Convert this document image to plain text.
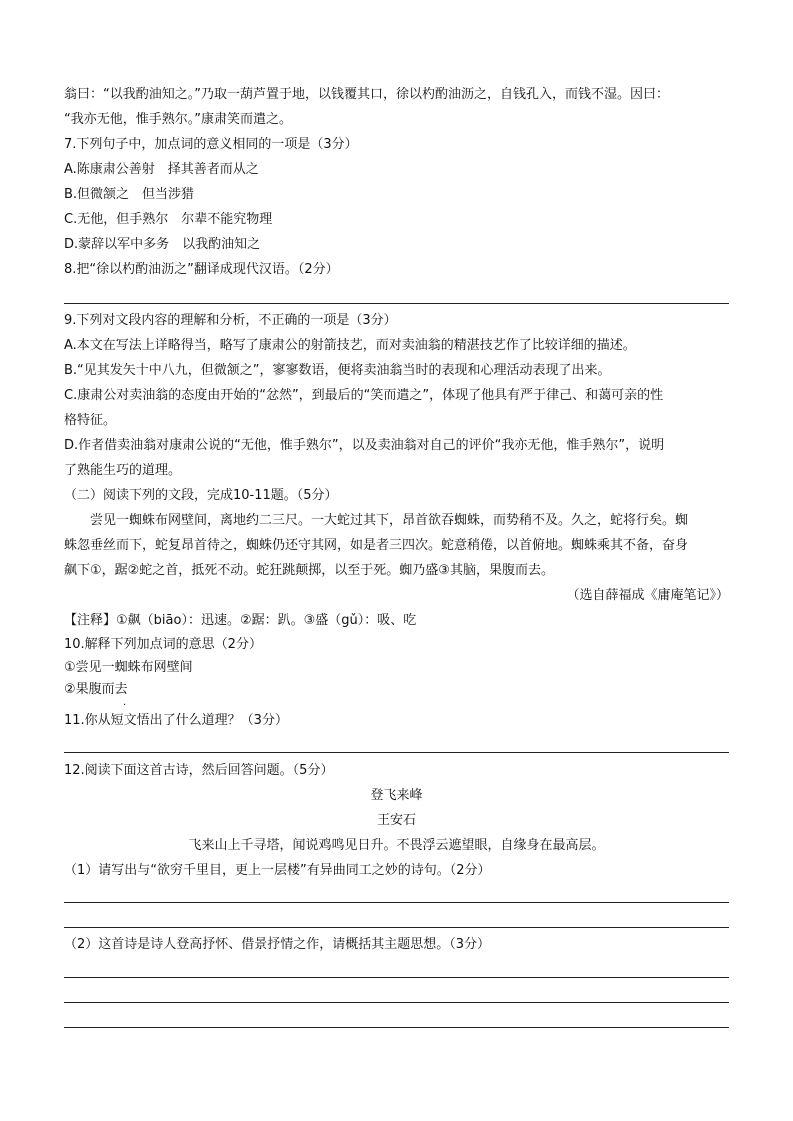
翁曰：“以我酌油知之。”乃取一葫芦置于地，以钱覆其口，徐以杓酌油沥之，自钱孔入，而钱不湿。因曰：
“我亦无他，惟手熟尔。”康肃笑而遣之。
7.下列句子中，加点词的意义相同的一项是（3分）
A.陈康肃公善射　择其善者而从之
B.但微颔之　但当涉猎
C.无他，但手熟尔　尔辈不能究物理
D.蒙辞以军中多务　以我酌油知之
8.把“徐以杓酌油沥之”翻译成现代汉语。（2分）
9.下列对文段内容的理解和分析，不正确的一项是（3分）
A.本文在写法上详略得当，略写了康肃公的射箭技艺，而对卖油翁的精湛技艺作了比较详细的描述。
B.“见其发矢十中八九，但微颔之”，寥寥数语，便将卖油翁当时的表现和心理活动表现了出来。
C.康肃公对卖油翁的态度由开始的“忿然”，到最后的“笑而遣之”，体现了他具有严于律己、和蔼可亲的性
格特征。
D.作者借卖油翁对康肃公说的“无他，惟手熟尔”，以及卖油翁对自己的评价“我亦无他，惟手熟尔”，说明
了熟能生巧的道理。
（二）阅读下列的文段，完成10-11题。（5分）
尝见一蜘蛛布网壁间，离地约二三尺。一大蛇过其下，昂首欲吞蜘蛛，而势稍不及。久之，蛇将行矣。蜘
蛛忽垂丝而下，蛇复昂首待之，蜘蛛仍还守其网，如是者三四次。蛇意稍倦，以首俯地。蜘蛛乘其不备，奋身
飙下①，踞②蛇之首，抵死不动。蛇狂跳颠掷，以至于死。蜘乃盛③其脑，果腹而去。
（选自薛福成《庸庵笔记》）
【注释】①飙（biāo）：迅速。②踞：趴。③盛（gǔ）：吸、吃
10.解释下列加点词的意思（2分）
①尝见一蜘蛛布网壁间
②果腹而去
·
11.你从短文悟出了什么道理？（3分）
12.阅读下面这首古诗，然后回答问题。（5分）
登飞来峰
王安石
飞来山上千寻塔，闻说鸡鸣见日升。不畏浮云遮望眼，自缘身在最高层。
（1）请写出与“欲穷千里目，更上一层楼”有异曲同工之妙的诗句。（2分）
（2）这首诗是诗人登高抒怀、借景抒情之作，请概括其主题思想。（3分）
